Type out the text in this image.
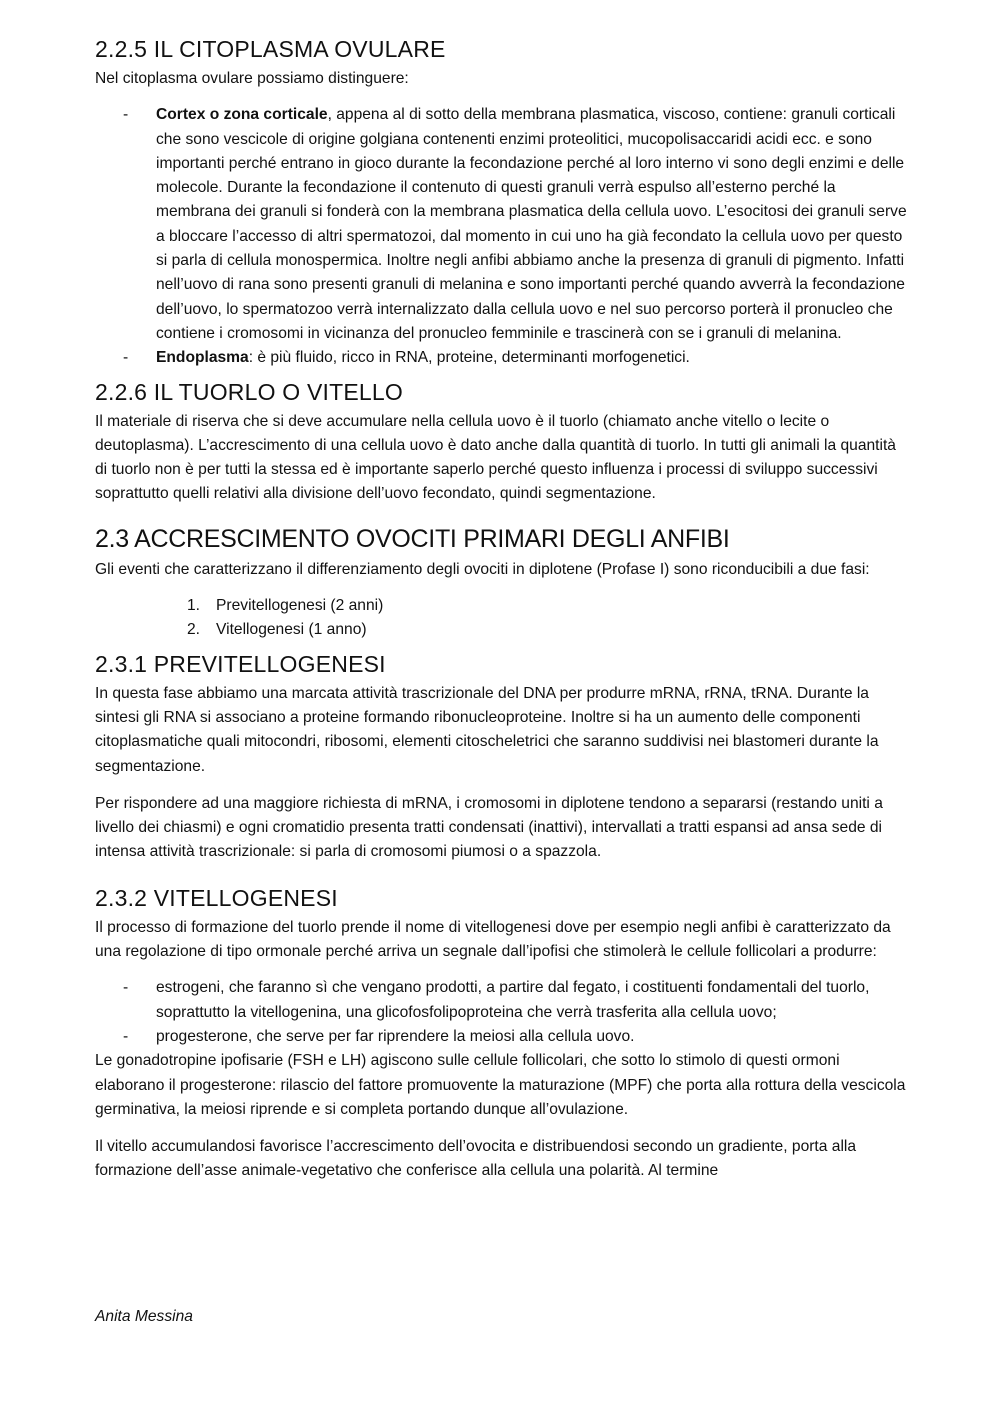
2.2.5 IL CITOPLASMA OVULARE

Nel citoplasma ovulare possiamo distinguere:

- Cortex o zona corticale, appena al di sotto della membrana plasmatica, viscoso, contiene: granuli corticali che sono vescicole di origine golgiana contenenti enzimi proteolitici, mucopolisaccaridi acidi ecc. e sono importanti perché entrano in gioco durante la fecondazione perché al loro interno vi sono degli enzimi e delle molecole. Durante la fecondazione il contenuto di questi granuli verrà espulso all’esterno perché la membrana dei granuli si fonderà con la membrana plasmatica della cellula uovo. L’esocitosi dei granuli serve a bloccare l’accesso di altri spermatozoi, dal momento in cui uno ha già fecondato la cellula uovo per questo si parla di cellula monospermica. Inoltre negli anfibi abbiamo anche la presenza di granuli di pigmento. Infatti nell’uovo di rana sono presenti granuli di melanina e sono importanti perché quando avverrà la fecondazione dell’uovo, lo spermatozoo verrà internalizzato dalla cellula uovo e nel suo percorso porterà il pronucleo che contiene i cromosomi in vicinanza del pronucleo femminile e trascinerà con se i granuli di melanina.
- Endoplasma: è più fluido, ricco in RNA, proteine, determinanti morfogenetici.
2.2.6 IL TUORLO O VITELLO

Il materiale di riserva che si deve accumulare nella cellula uovo è il tuorlo (chiamato anche vitello o lecite o deutoplasma). L’accrescimento di una cellula uovo è dato anche dalla quantità di tuorlo. In tutti gli animali la quantità di tuorlo non è per tutti la stessa ed è importante saperlo perché questo influenza i processi di sviluppo successivi soprattutto quelli relativi alla divisione dell’uovo fecondato, quindi segmentazione.

2.3 ACCRESCIMENTO OVOCITI PRIMARI DEGLI ANFIBI

Gli eventi che caratterizzano il differenziamento degli ovociti in diplotene (Profase I) sono riconducibili a due fasi:

1. Previtellogenesi (2 anni)
2. Vitellogenesi (1 anno)
2.3.1 PREVITELLOGENESI

In questa fase abbiamo una marcata attività trascrizionale del DNA per produrre mRNA, rRNA, tRNA. Durante la sintesi gli RNA si associano a proteine formando ribonucleoproteine. Inoltre si ha un aumento delle componenti citoplasmatiche quali mitocondri, ribosomi, elementi citoscheletrici che saranno suddivisi nei blastomeri durante la segmentazione.

Per rispondere ad una maggiore richiesta di mRNA, i cromosomi in diplotene tendono a separarsi (restando uniti a livello dei chiasmi) e ogni cromatidio presenta tratti condensati (inattivi), intervallati a tratti espansi ad ansa sede di intensa attività trascrizionale: si parla di cromosomi piumosi o a spazzola.

2.3.2 VITELLOGENESI

Il processo di formazione del tuorlo prende il nome di vitellogenesi dove per esempio negli anfibi è caratterizzato da una regolazione di tipo ormonale perché arriva un segnale dall’ipofisi che stimolerà le cellule follicolari a produrre:

- estrogeni, che faranno sì che vengano prodotti, a partire dal fegato, i costituenti fondamentali del tuorlo, soprattutto la vitellogenina, una glicofosfolipoproteina che verrà trasferita alla cellula uovo;
- progesterone, che serve per far riprendere la meiosi alla cellula uovo.

Le gonadotropine ipofisarie (FSH e LH) agiscono sulle cellule follicolari, che sotto lo stimolo di questi ormoni elaborano il progesterone: rilascio del fattore promuovente la maturazione (MPF) che porta alla rottura della vescicola germinativa, la meiosi riprende e si completa portando dunque all’ovulazione.

Il vitello accumulandosi favorisce l’accrescimento dell’ovocita e distribuendosi secondo un gradiente, porta alla formazione dell’asse animale-vegetativo che conferisce alla cellula una polarità. Al termine

Anita Messina
